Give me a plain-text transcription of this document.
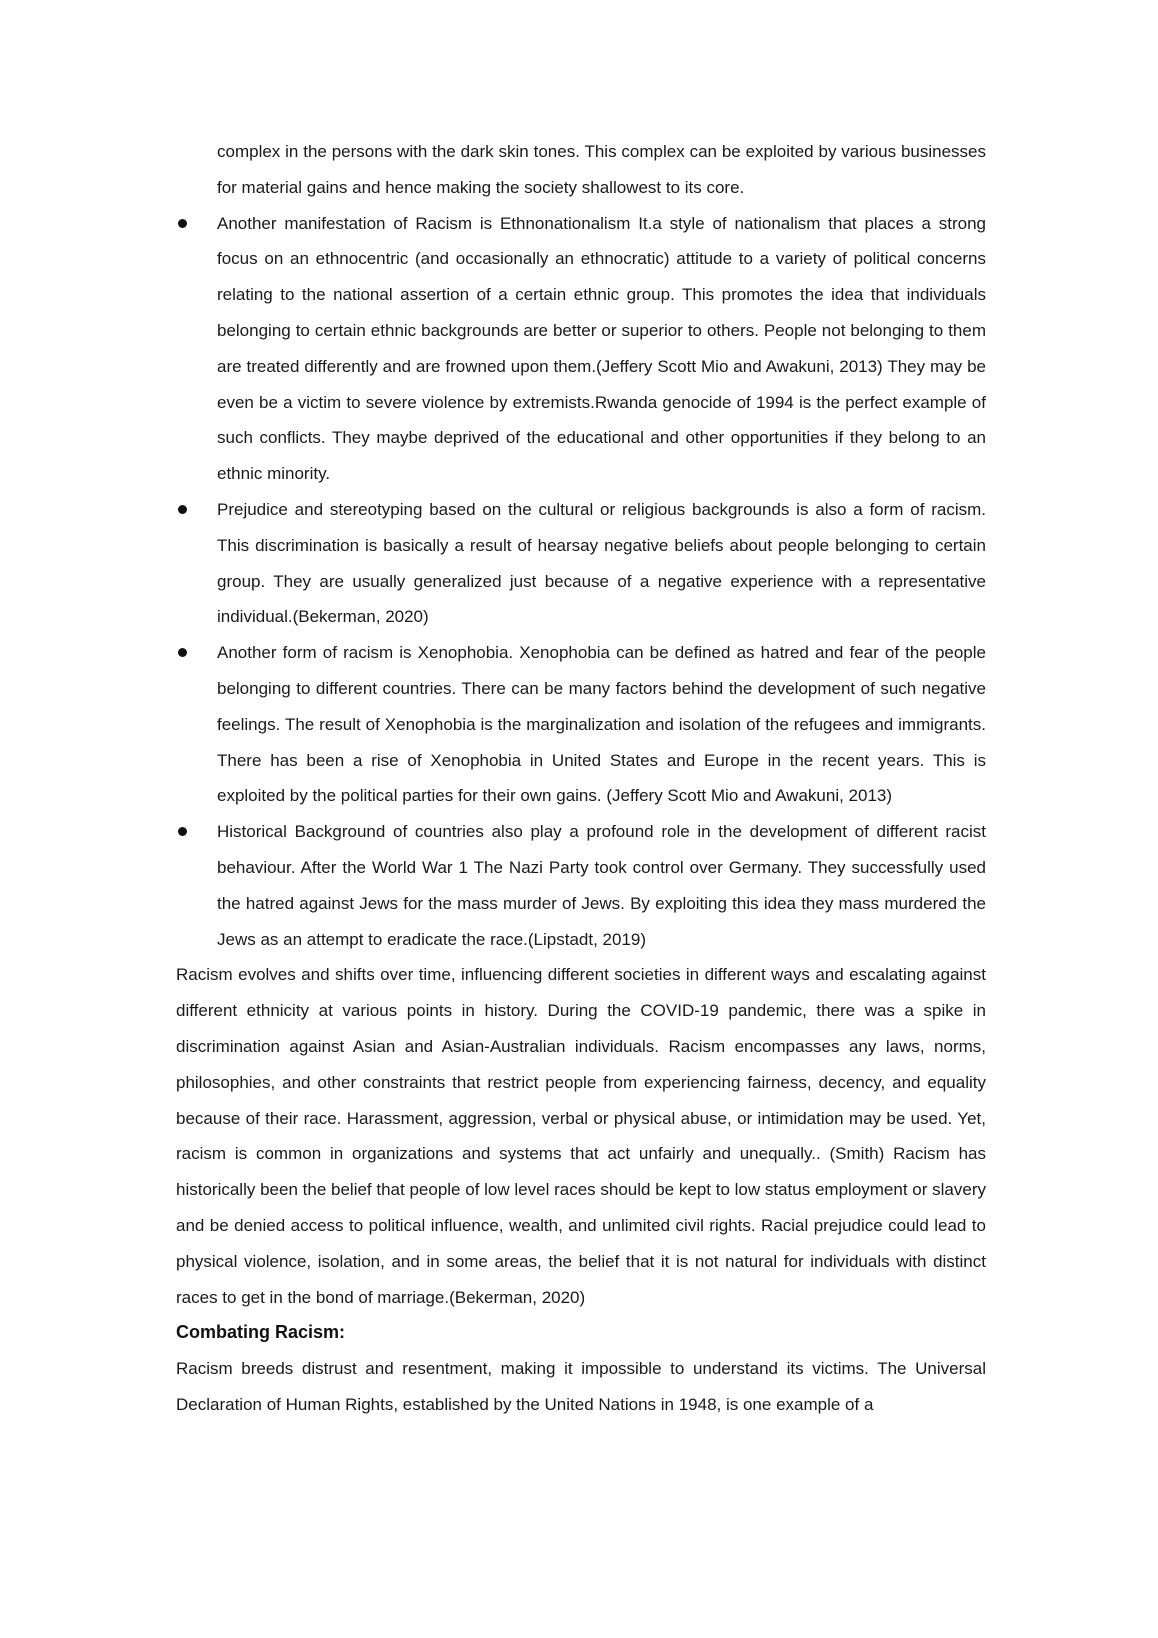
complex in the persons with the dark skin tones. This complex can be exploited by various businesses for material gains and hence making the society shallowest to its core.

Another manifestation of Racism is Ethnonationalism It.a style of nationalism that places a strong focus on an ethnocentric (and occasionally an ethnocratic) attitude to a variety of political concerns relating to the national assertion of a certain ethnic group. This promotes the idea that individuals belonging to certain ethnic backgrounds are better or superior to others. People not belonging to them are treated differently and are frowned upon them.(Jeffery Scott Mio and Awakuni, 2013) They may be even be a victim to severe violence by extremists.Rwanda genocide of 1994 is the perfect example of such conflicts. They maybe deprived of the educational and other opportunities if they belong to an ethnic minority.
Prejudice and stereotyping based on the cultural or religious backgrounds is also a form of racism. This discrimination is basically a result of hearsay negative beliefs about people belonging to certain group. They are usually generalized just because of a negative experience with a representative individual.(Bekerman, 2020)
Another form of racism is Xenophobia. Xenophobia can be defined as hatred and fear of the people belonging to different countries. There can be many factors behind the development of such negative feelings. The result of Xenophobia is the marginalization and isolation of the refugees and immigrants. There has been a rise of Xenophobia in United States and Europe in the recent years. This is exploited by the political parties for their own gains. (Jeffery Scott Mio and Awakuni, 2013)
Historical Background of countries also play a profound role in the development of different racist behaviour. After the World War 1 The Nazi Party took control over Germany. They successfully used the hatred against Jews for the mass murder of Jews. By exploiting this idea they mass murdered the Jews as an attempt to eradicate the race.(Lipstadt, 2019)

Racism evolves and shifts over time, influencing different societies in different ways and escalating against different ethnicity at various points in history. During the COVID-19 pandemic, there was a spike in discrimination against Asian and Asian-Australian individuals. Racism encompasses any laws, norms, philosophies, and other constraints that restrict people from experiencing fairness, decency, and equality because of their race. Harassment, aggression, verbal or physical abuse, or intimidation may be used. Yet, racism is common in organizations and systems that act unfairly and unequally.. (Smith) Racism has historically been the belief that people of low level races should be kept to low status employment or slavery and be denied access to political influence, wealth, and unlimited civil rights. Racial prejudice could lead to physical violence, isolation, and in some areas, the belief that it is not natural for individuals with distinct races to get in the bond of marriage.(Bekerman, 2020)

Combating Racism:

Racism breeds distrust and resentment, making it impossible to understand its victims. The Universal Declaration of Human Rights, established by the United Nations in 1948, is one example of a
